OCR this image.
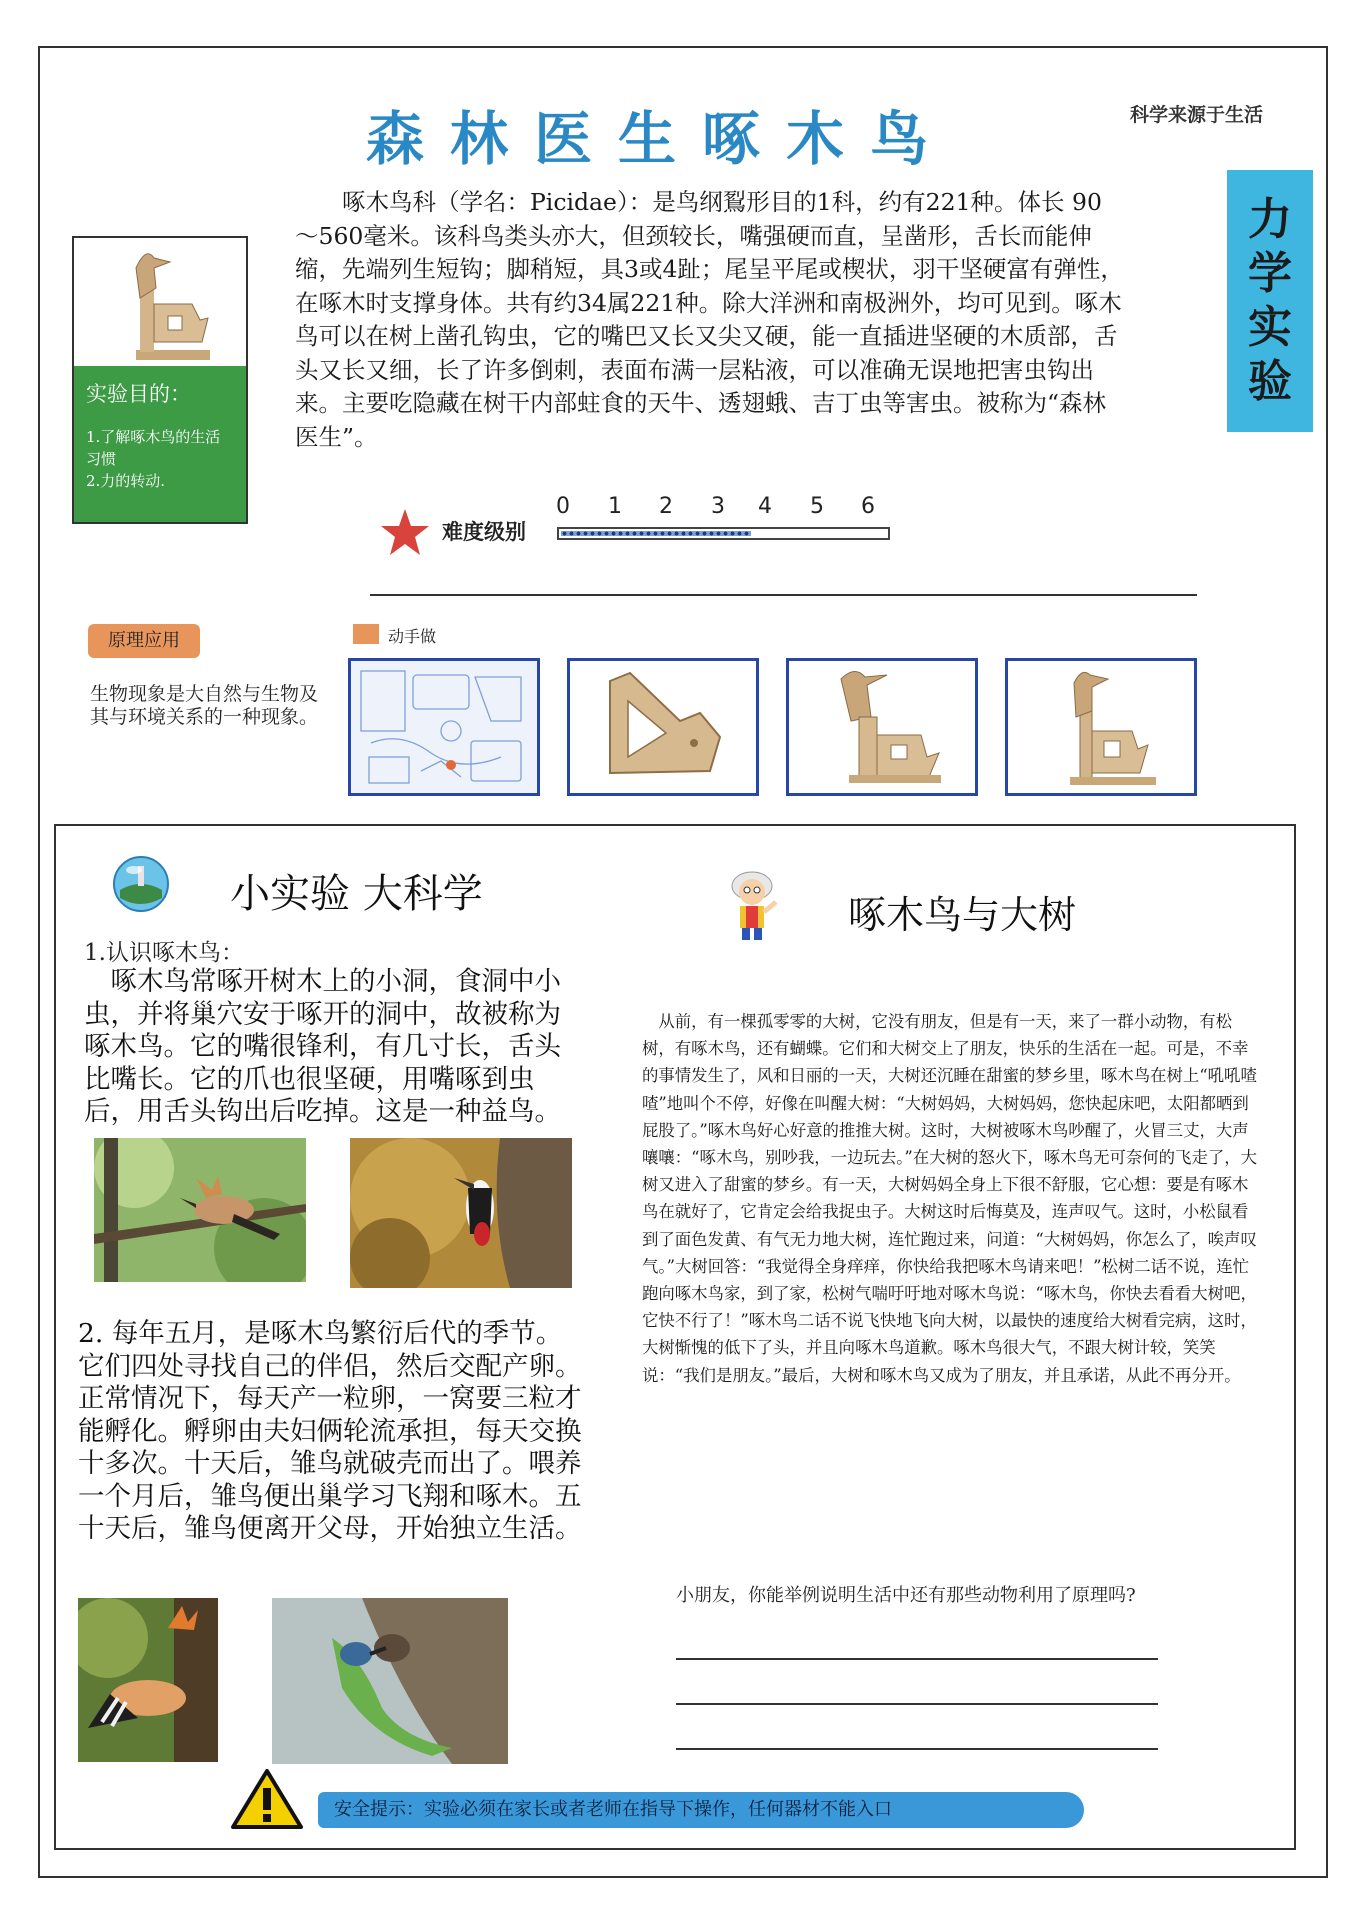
森林医生啄木鸟	科学来源于生活
力
学
实
验
实验目的：
1.了解啄木鸟的生活习惯
2.力的转动.
啄木鸟科（学名：Picidae）：是鸟纲鴷形目的1科，约有221种。体长 90～560毫米。该科鸟类头亦大，但颈较长，嘴强硬而直，呈凿形，舌长而能伸缩，先端列生短钩；脚稍短，具3或4趾；尾呈平尾或楔状，羽干坚硬富有弹性，在啄木时支撑身体。共有约34属221种。除大洋洲和南极洲外，均可见到。啄木鸟可以在树上凿孔钩虫，它的嘴巴又长又尖又硬，能一直插进坚硬的木质部，舌头又长又细，长了许多倒刺，表面布满一层粘液，可以准确无误地把害虫钩出来。主要吃隐藏在树干内部蛀食的天牛、透翅蛾、吉丁虫等害虫。被称为“森林医生”。
0 1 2 3 4 5 6
难度级别
原理应用
生物现象是大自然与生物及其与环境关系的一种现象。
动手做
小实验 大科学
1.认识啄木鸟：
啄木鸟常啄开树木上的小洞，食洞中小虫，并将巢穴安于啄开的洞中，故被称为啄木鸟。它的嘴很锋利，有几寸长，舌头比嘴长。它的爪也很坚硬，用嘴啄到虫后，用舌头钩出后吃掉。这是一种益鸟。
2. 每年五月，是啄木鸟繁衍后代的季节。它们四处寻找自己的伴侣，然后交配产卵。正常情况下，每天产一粒卵，一窝要三粒才能孵化。孵卵由夫妇俩轮流承担，每天交换十多次。十天后，雏鸟就破壳而出了。喂养一个月后，雏鸟便出巢学习飞翔和啄木。五十天后，雏鸟便离开父母，开始独立生活。
啄木鸟与大树
从前，有一棵孤零零的大树，它没有朋友，但是有一天，来了一群小动物，有松树，有啄木鸟，还有蝴蝶。它们和大树交上了朋友，快乐的生活在一起。可是，不幸的事情发生了，风和日丽的一天，大树还沉睡在甜蜜的梦乡里，啄木鸟在树上“吼吼喳喳”地叫个不停，好像在叫醒大树：“大树妈妈，大树妈妈，您快起床吧，太阳都晒到屁股了。”啄木鸟好心好意的推推大树。这时，大树被啄木鸟吵醒了，火冒三丈，大声嚷嚷：“啄木鸟，别吵我，一边玩去。”在大树的怒火下，啄木鸟无可奈何的飞走了，大树又进入了甜蜜的梦乡。有一天，大树妈妈全身上下很不舒服，它心想：要是有啄木鸟在就好了，它肯定会给我捉虫子。大树这时后悔莫及，连声叹气。这时，小松鼠看到了面色发黄、有气无力地大树，连忙跑过来，问道：“大树妈妈，你怎么了，唉声叹气。”大树回答：“我觉得全身痒痒，你快给我把啄木鸟请来吧！”松树二话不说，连忙跑向啄木鸟家，到了家，松树气喘吁吁地对啄木鸟说：“啄木鸟，你快去看看大树吧，它快不行了！”啄木鸟二话不说飞快地飞向大树，以最快的速度给大树看完病，这时，大树惭愧的低下了头，并且向啄木鸟道歉。啄木鸟很大气，不跟大树计较，笑笑说：“我们是朋友。”最后，大树和啄木鸟又成为了朋友，并且承诺，从此不再分开。
小朋友，你能举例说明生活中还有那些动物利用了原理吗?
安全提示：实验必须在家长或者老师在指导下操作，任何器材不能入口
